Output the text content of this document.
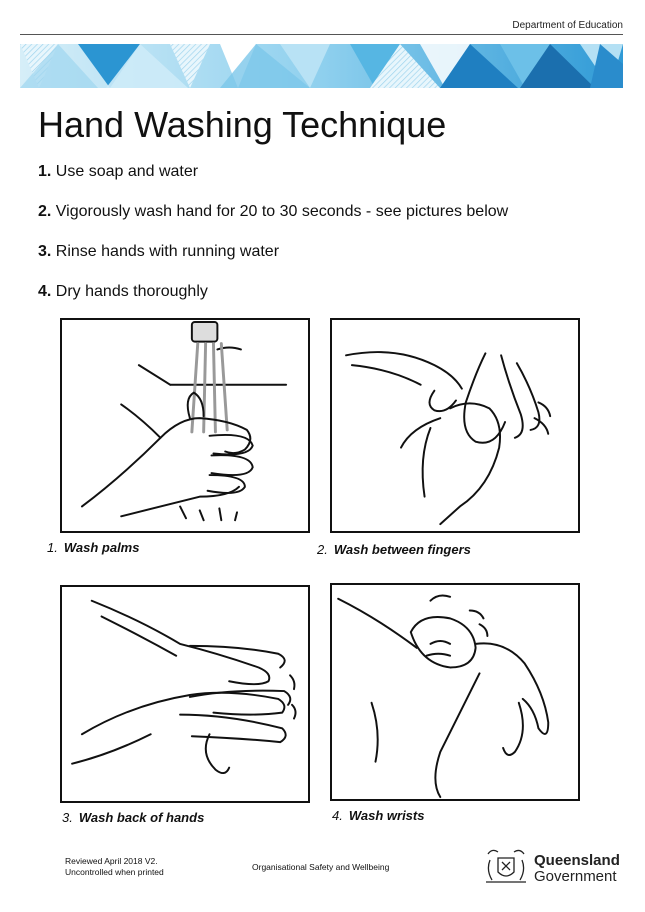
Department of Education
Hand Washing Technique
1. Use soap and water
2. Vigorously wash hand for 20 to 30 seconds - see pictures below
3. Rinse hands with running water
4. Dry hands thoroughly
1. Wash palms	2. Wash between fingers
3. Wash back of hands	4. Wash wrists
Reviewed April 2018 V2.
Uncontrolled when printed	Organisational Safety and Wellbeing	Queensland
Government
